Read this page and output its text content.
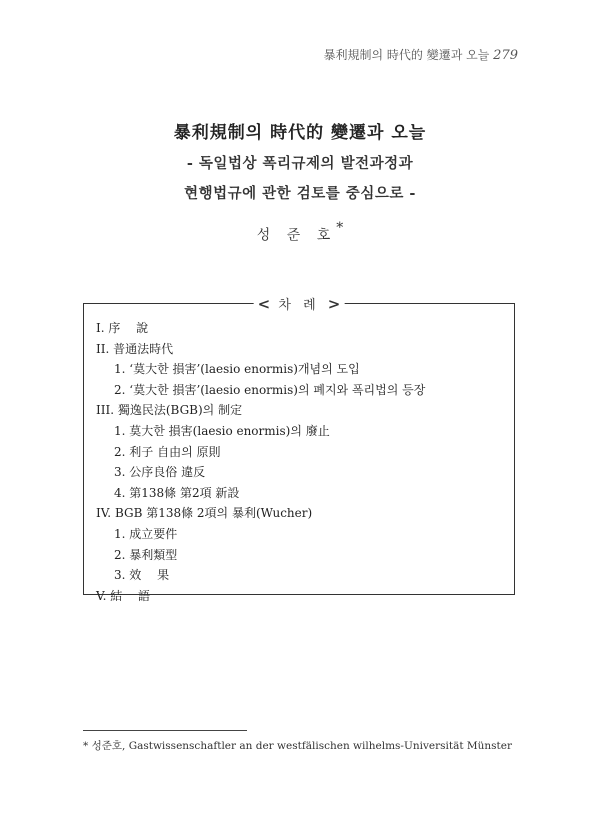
暴利規制의 時代的 變遷과 오늘 279
暴利規制의 時代的 變遷과 오늘
- 독일법상 폭리규제의 발전과정과
현행법규에 관한 검토를 중심으로 -
성 준 호*
< 차 례 >
I. 序　 說
II. 普通法時代
1. ‘莫大한 損害’(laesio enormis)개념의 도입
2. ‘莫大한 損害’(laesio enormis)의 폐지와 폭리법의 등장
III. 獨逸民法(BGB)의 制定
1. 莫大한 損害(laesio enormis)의 廢止
2. 利子 自由의 原則
3. 公序良俗 違反
4. 第138條 第2項 新設
IV. BGB 第138條 2項의 暴利(Wucher)
1. 成立要件
2. 暴利類型
3. 效　 果
V. 結　 語
* 성준호, Gastwissenschaftler an der westfälischen wilhelms-Universität Münster
